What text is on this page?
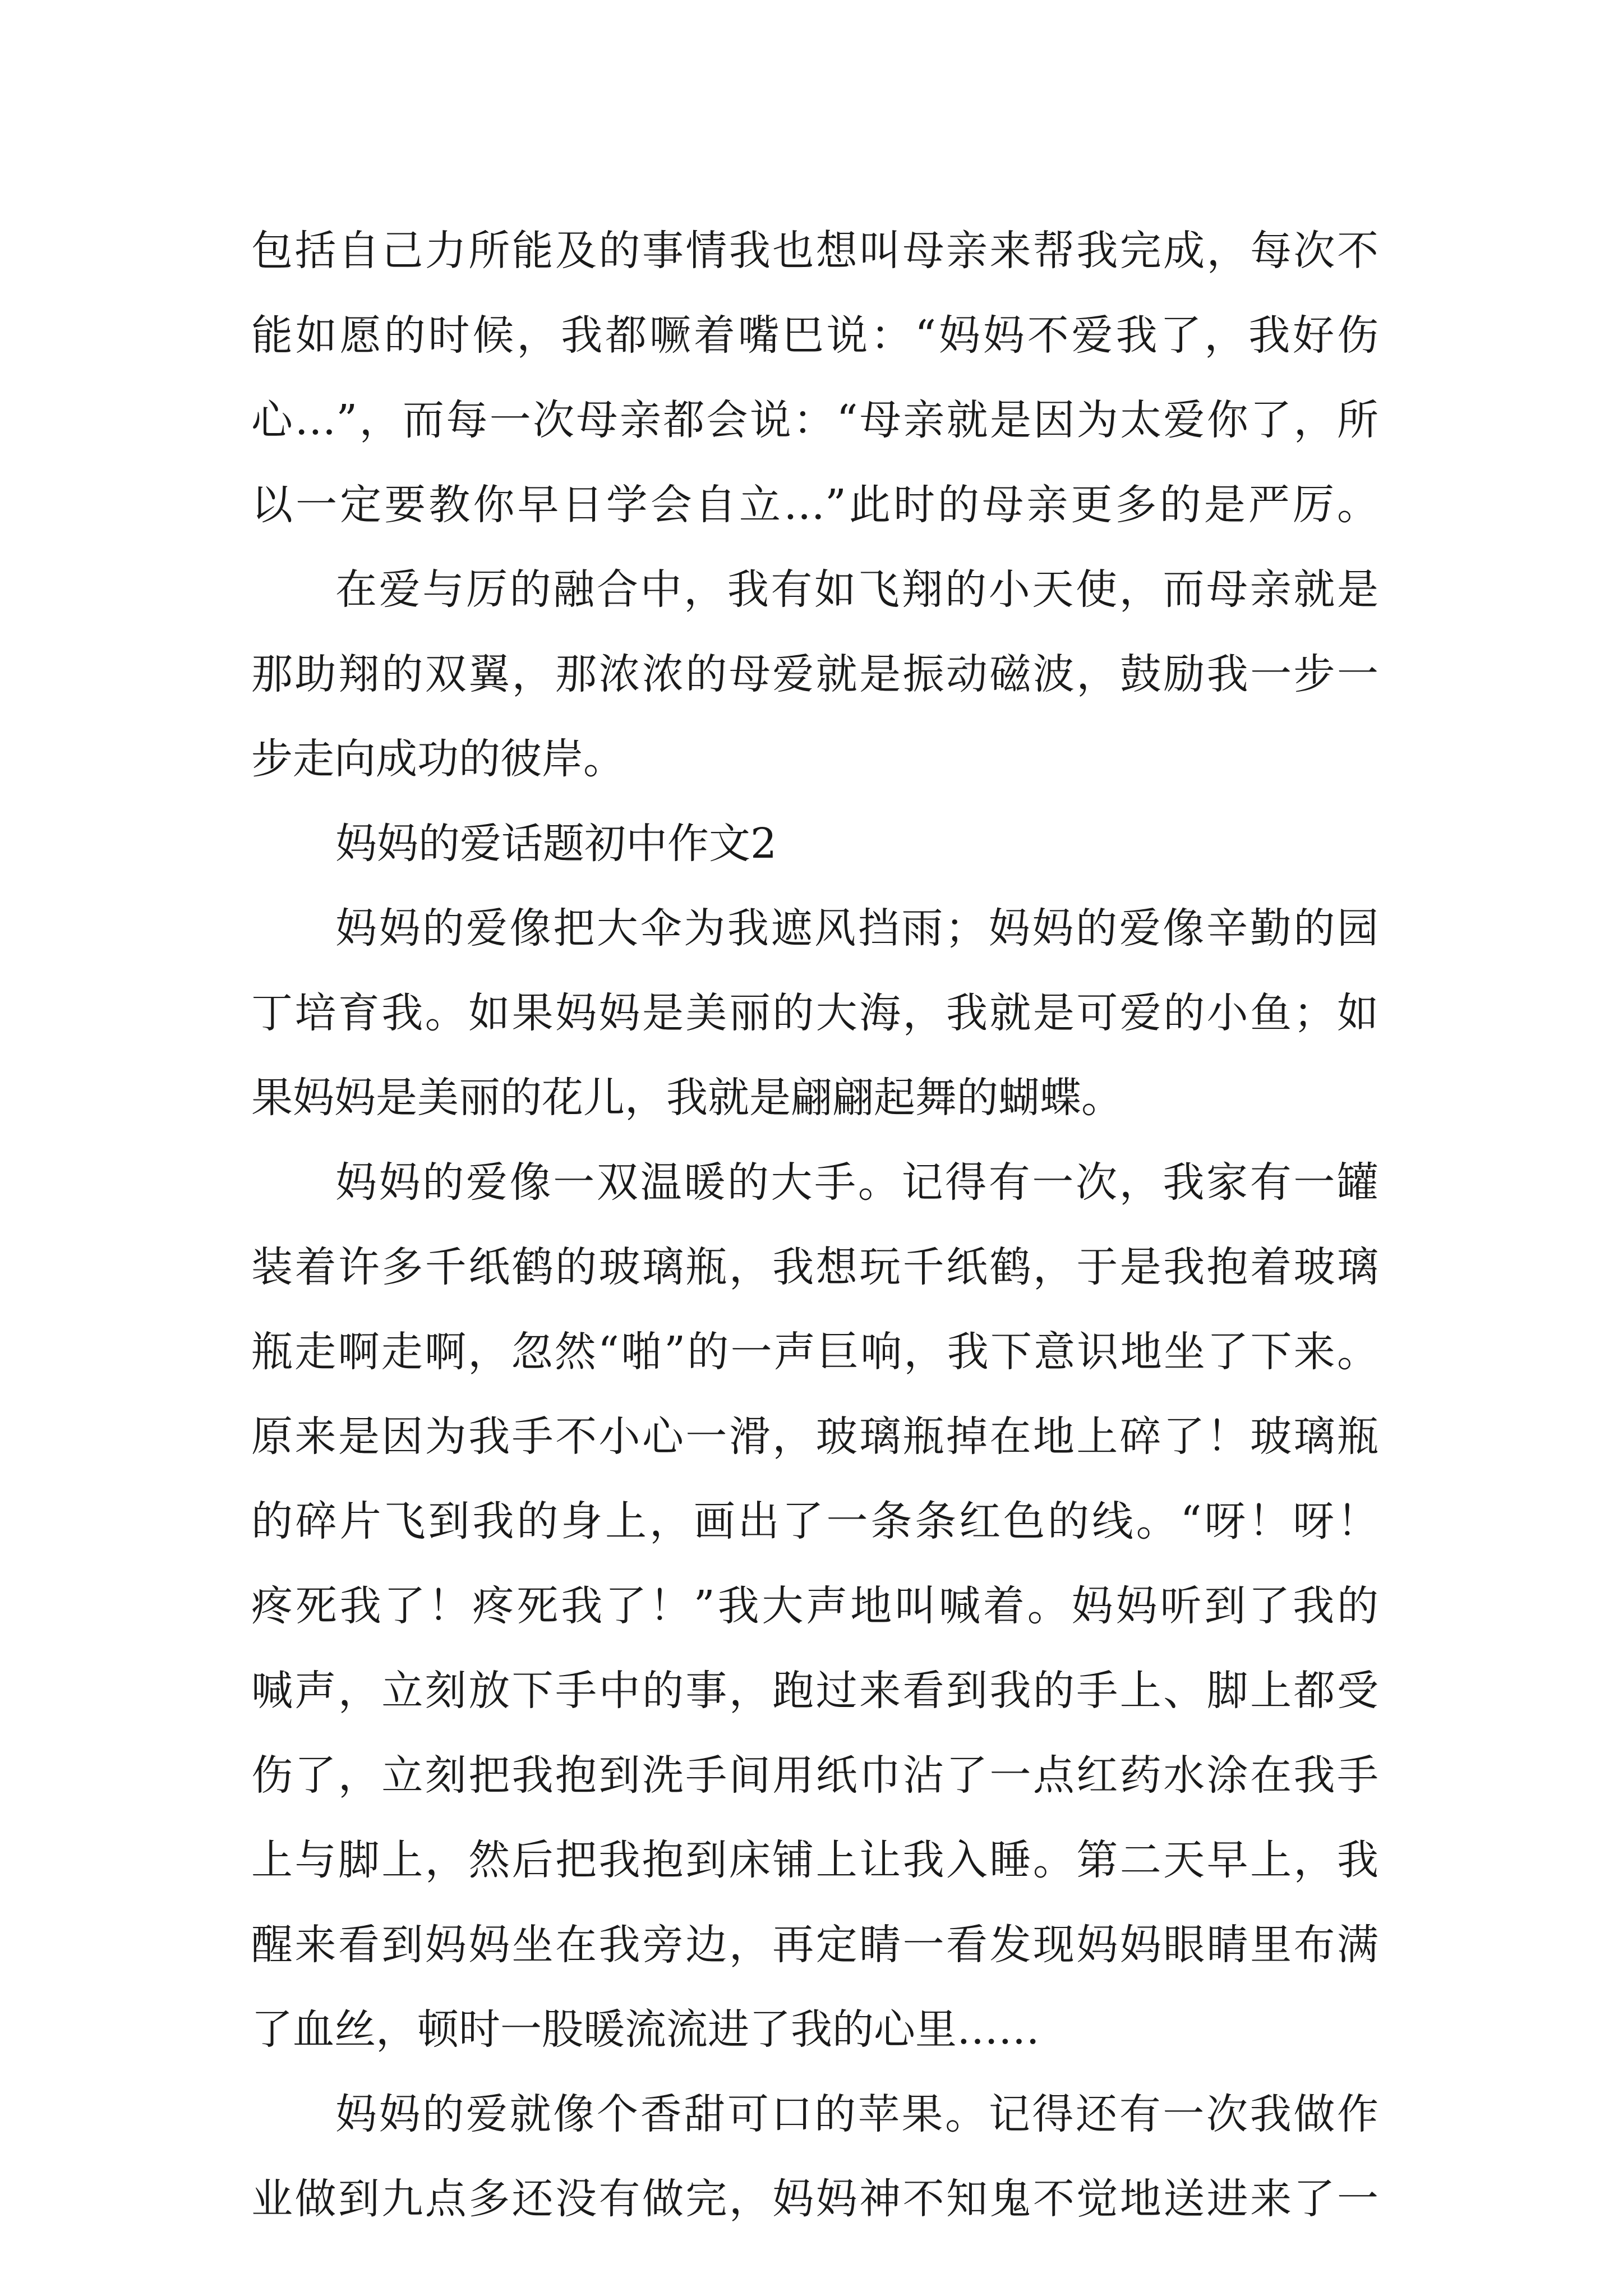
包括自己力所能及的事情我也想叫母亲来帮我完成，每次不
能如愿的时候，我都噘着嘴巴说：“妈妈不爱我了，我好伤
心…”，而每一次母亲都会说：“母亲就是因为太爱你了，所
以一定要教你早日学会自立…”此时的母亲更多的是严厉。
在爱与厉的融合中，我有如飞翔的小天使，而母亲就是
那助翔的双翼，那浓浓的母爱就是振动磁波，鼓励我一步一
步走向成功的彼岸。
妈妈的爱话题初中作文2
妈妈的爱像把大伞为我遮风挡雨；妈妈的爱像辛勤的园
丁培育我。如果妈妈是美丽的大海，我就是可爱的小鱼；如
果妈妈是美丽的花儿，我就是翩翩起舞的蝴蝶。
妈妈的爱像一双温暖的大手。记得有一次，我家有一罐
装着许多千纸鹤的玻璃瓶，我想玩千纸鹤，于是我抱着玻璃
瓶走啊走啊，忽然“啪”的一声巨响，我下意识地坐了下来。
原来是因为我手不小心一滑，玻璃瓶掉在地上碎了！玻璃瓶
的碎片飞到我的身上，画出了一条条红色的线。“呀！呀！
疼死我了！疼死我了！”我大声地叫喊着。妈妈听到了我的
喊声，立刻放下手中的事，跑过来看到我的手上、脚上都受
伤了，立刻把我抱到洗手间用纸巾沾了一点红药水涂在我手
上与脚上，然后把我抱到床铺上让我入睡。第二天早上，我
醒来看到妈妈坐在我旁边，再定睛一看发现妈妈眼睛里布满
了血丝，顿时一股暖流流进了我的心里……
妈妈的爱就像个香甜可口的苹果。记得还有一次我做作
业做到九点多还没有做完，妈妈神不知鬼不觉地送进来了一
